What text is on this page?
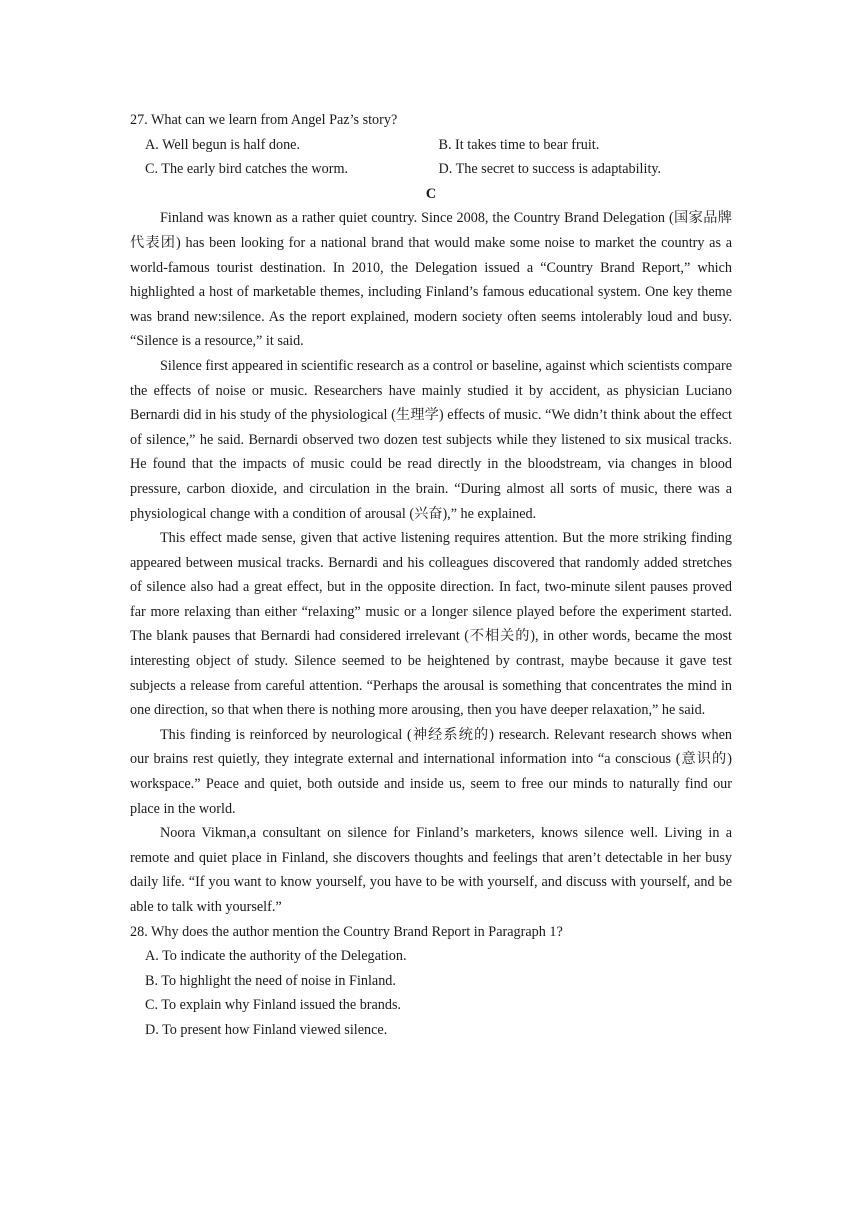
27. What can we learn from Angel Paz’s story?

A. Well begun is half done.	B. It takes time to bear fruit.
C. The early bird catches the worm.	D. The secret to success is adaptability.

C

Finland was known as a rather quiet country. Since 2008, the Country Brand Delegation (国家品牌代表团) has been looking for a national brand that would make some noise to market the country as a world-famous tourist destination. In 2010, the Delegation issued a “Country Brand Report,” which highlighted a host of marketable themes, including Finland’s famous educational system. One key theme was brand new:silence. As the report explained, modern society often seems intolerably loud and busy. “Silence is a resource,” it said.

Silence first appeared in scientific research as a control or baseline, against which scientists compare the effects of noise or music. Researchers have mainly studied it by accident, as physician Luciano Bernardi did in his study of the physiological (生理学) effects of music. “We didn’t think about the effect of silence,” he said. Bernardi observed two dozen test subjects while they listened to six musical tracks. He found that the impacts of music could be read directly in the bloodstream, via changes in blood pressure, carbon dioxide, and circulation in the brain. “During almost all sorts of music, there was a physiological change with a condition of arousal (兴奋),” he explained.

This effect made sense, given that active listening requires attention. But the more striking finding appeared between musical tracks. Bernardi and his colleagues discovered that randomly added stretches of silence also had a great effect, but in the opposite direction. In fact, two-minute silent pauses proved far more relaxing than either “relaxing” music or a longer silence played before the experiment started. The blank pauses that Bernardi had considered irrelevant (不相关的), in other words, became the most interesting object of study. Silence seemed to be heightened by contrast, maybe because it gave test subjects a release from careful attention. “Perhaps the arousal is something that concentrates the mind in one direction, so that when there is nothing more arousing, then you have deeper relaxation,” he said.

This finding is reinforced by neurological (神经系统的) research. Relevant research shows when our brains rest quietly, they integrate external and international information into “a conscious (意识的) workspace.” Peace and quiet, both outside and inside us, seem to free our minds to naturally find our place in the world.

Noora Vikman,a consultant on silence for Finland’s marketers, knows silence well. Living in a remote and quiet place in Finland, she discovers thoughts and feelings that aren’t detectable in her busy daily life. “If you want to know yourself, you have to be with yourself, and discuss with yourself, and be able to talk with yourself.”

28. Why does the author mention the Country Brand Report in Paragraph 1?

A. To indicate the authority of the Delegation.

B. To highlight the need of noise in Finland.

C. To explain why Finland issued the brands.

D. To present how Finland viewed silence.
